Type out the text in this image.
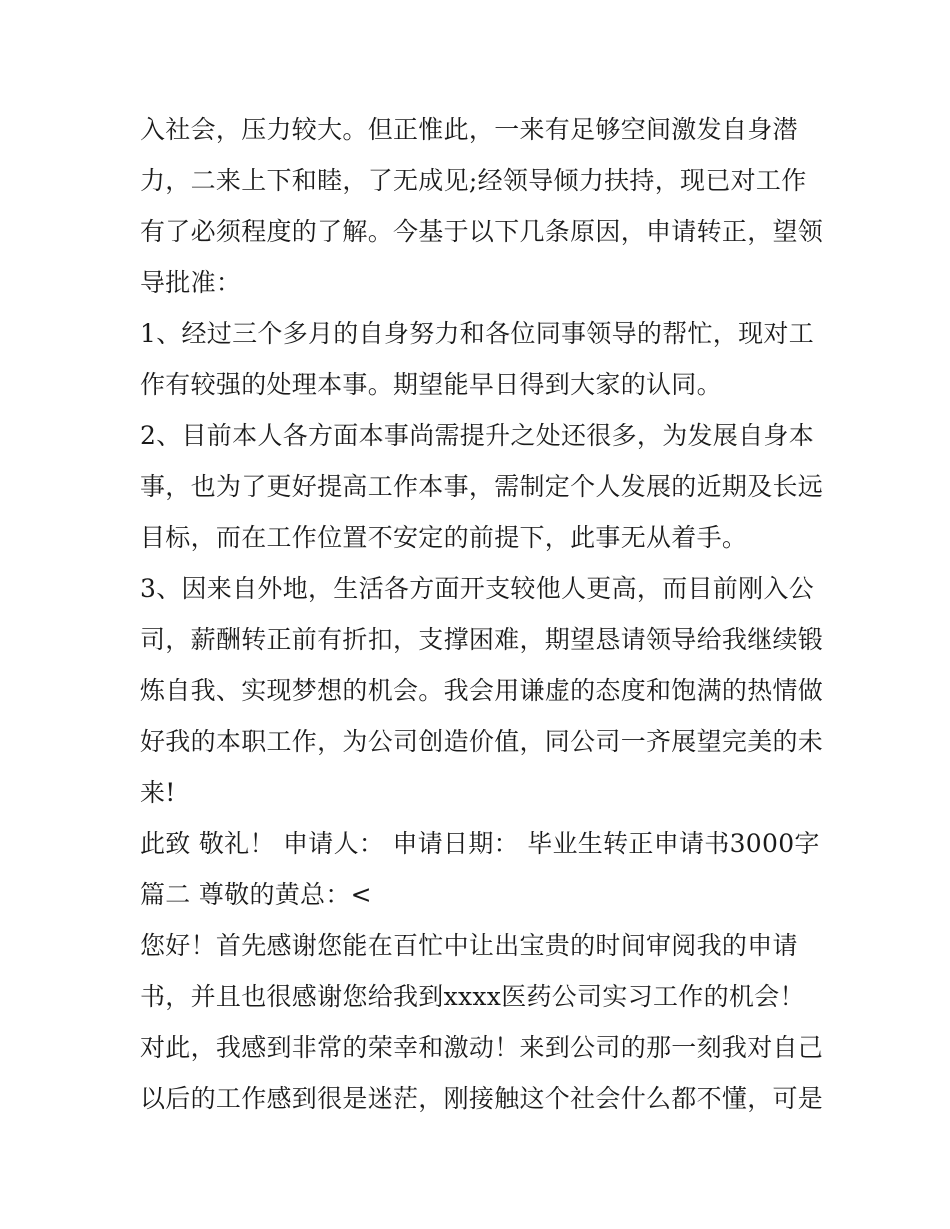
入社会，压力较大。但正惟此，一来有足够空间激发自身潜
力，二来上下和睦，了无成见;经领导倾力扶持，现已对工作
有了必须程度的了解。今基于以下几条原因，申请转正，望领
导批准：
1、经过三个多月的自身努力和各位同事领导的帮忙，现对工
作有较强的处理本事。期望能早日得到大家的认同。
2、目前本人各方面本事尚需提升之处还很多，为发展自身本
事，也为了更好提高工作本事，需制定个人发展的近期及长远
目标，而在工作位置不安定的前提下，此事无从着手。
3、因来自外地，生活各方面开支较他人更高，而目前刚入公
司，薪酬转正前有折扣，支撑困难，期望恳请领导给我继续锻
炼自我、实现梦想的机会。我会用谦虚的态度和饱满的热情做
好我的本职工作，为公司创造价值，同公司一齐展望完美的未
来!
此致 敬礼！ 申请人： 申请日期： 毕业生转正申请书3000字
篇二 尊敬的黄总：<
您好！首先感谢您能在百忙中让出宝贵的时间审阅我的申请
书，并且也很感谢您给我到xxxx医药公司实习工作的机会！
对此，我感到非常的荣幸和激动！来到公司的那一刻我对自己
以后的工作感到很是迷茫，刚接触这个社会什么都不懂，可是
